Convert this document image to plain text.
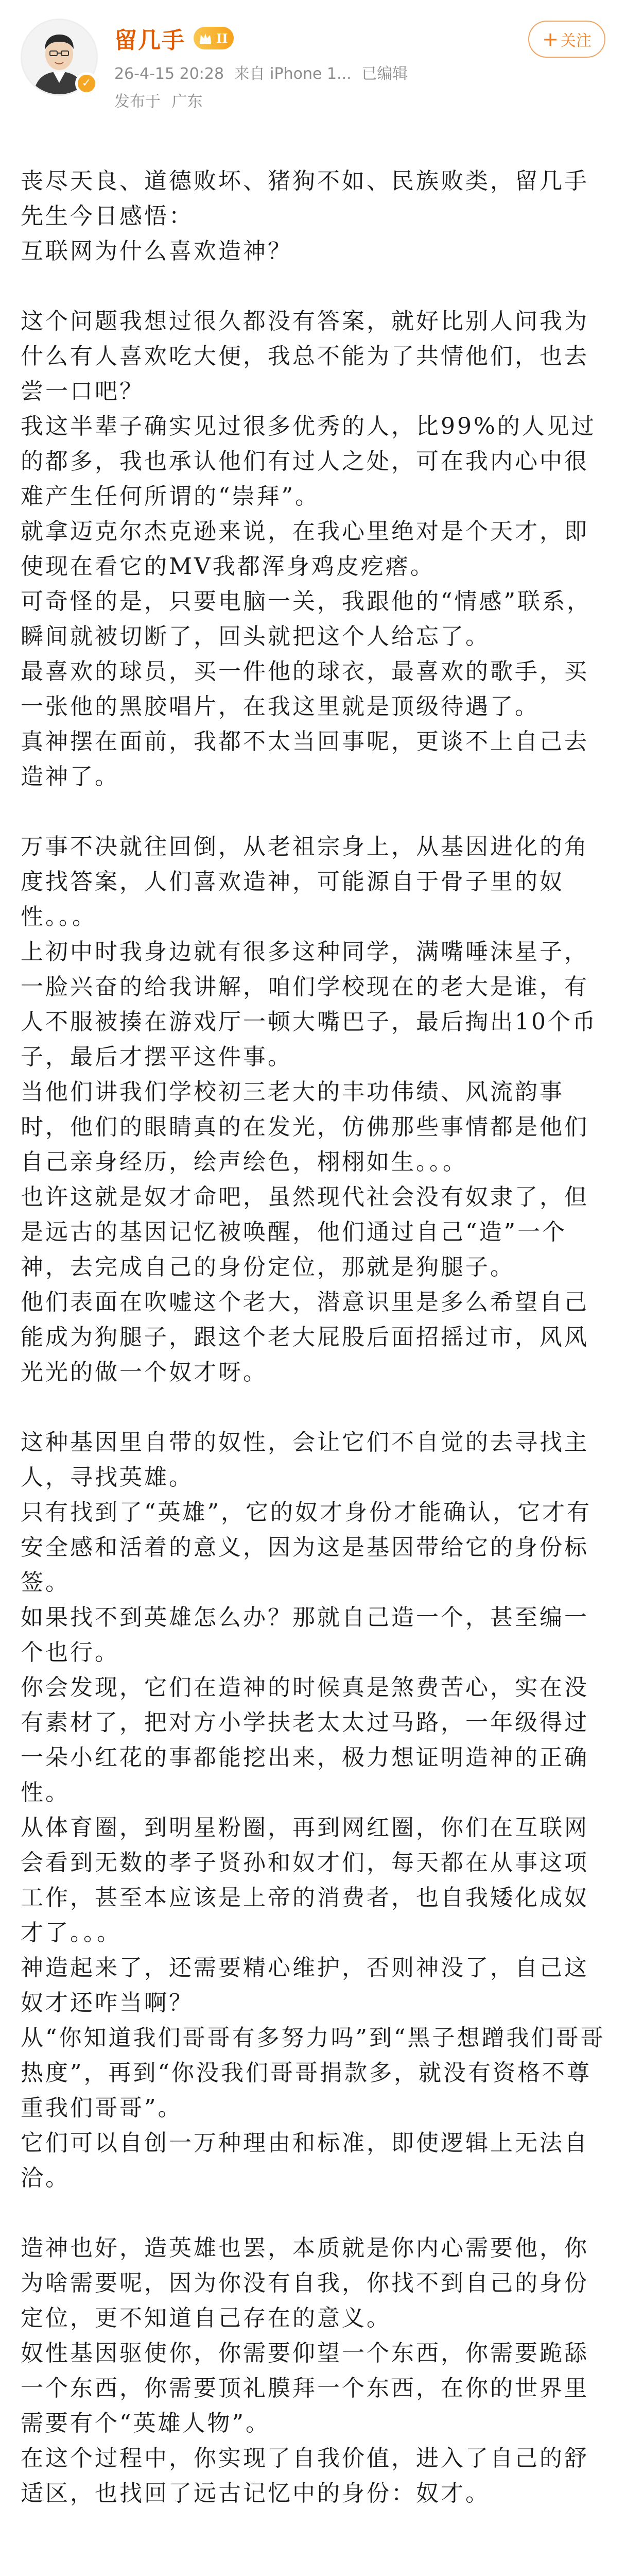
✓
留几手	II
26-4-15 20:28 来自 iPhone 1... 已编辑
发布于 广东
+ 关注

丧尽天良、道德败坏、猪狗不如、民族败类，留几手先生今日感悟：
互联网为什么喜欢造神？

这个问题我想过很久都没有答案，就好比别人问我为什么有人喜欢吃大便，我总不能为了共情他们，也去尝一口吧？
我这半辈子确实见过很多优秀的人，比99%的人见过的都多，我也承认他们有过人之处，可在我内心中很难产生任何所谓的“崇拜”。
就拿迈克尔杰克逊来说，在我心里绝对是个天才，即使现在看它的MV我都浑身鸡皮疙瘩。
可奇怪的是，只要电脑一关，我跟他的“情感”联系，瞬间就被切断了，回头就把这个人给忘了。
最喜欢的球员，买一件他的球衣，最喜欢的歌手，买一张他的黑胶唱片，在我这里就是顶级待遇了。
真神摆在面前，我都不太当回事呢，更谈不上自己去造神了。

万事不决就往回倒，从老祖宗身上，从基因进化的角度找答案，人们喜欢造神，可能源自于骨子里的奴性。。。
上初中时我身边就有很多这种同学，满嘴唾沫星子，一脸兴奋的给我讲解，咱们学校现在的老大是谁，有人不服被揍在游戏厅一顿大嘴巴子，最后掏出10个币子，最后才摆平这件事。
当他们讲我们学校初三老大的丰功伟绩、风流韵事时，他们的眼睛真的在发光，仿佛那些事情都是他们自己亲身经历，绘声绘色，栩栩如生。。。
也许这就是奴才命吧，虽然现代社会没有奴隶了，但是远古的基因记忆被唤醒，他们通过自己“造”一个神，去完成自己的身份定位，那就是狗腿子。
他们表面在吹嘘这个老大，潜意识里是多么希望自己能成为狗腿子，跟这个老大屁股后面招摇过市，风风光光的做一个奴才呀。

这种基因里自带的奴性，会让它们不自觉的去寻找主人，寻找英雄。
只有找到了“英雄”，它的奴才身份才能确认，它才有安全感和活着的意义，因为这是基因带给它的身份标签。
如果找不到英雄怎么办？那就自己造一个，甚至编一个也行。
你会发现，它们在造神的时候真是煞费苦心，实在没有素材了，把对方小学扶老太太过马路，一年级得过一朵小红花的事都能挖出来，极力想证明造神的正确性。
从体育圈，到明星粉圈，再到网红圈，你们在互联网会看到无数的孝子贤孙和奴才们，每天都在从事这项工作，甚至本应该是上帝的消费者，也自我矮化成奴才了。。。
神造起来了，还需要精心维护，否则神没了，自己这奴才还咋当啊？
从“你知道我们哥哥有多努力吗”到“黑子想蹭我们哥哥热度”，再到“你没我们哥哥捐款多，就没有资格不尊重我们哥哥”。
它们可以自创一万种理由和标准，即使逻辑上无法自洽。

造神也好，造英雄也罢，本质就是你内心需要他，你为啥需要呢，因为你没有自我，你找不到自己的身份定位，更不知道自己存在的意义。
奴性基因驱使你，你需要仰望一个东西，你需要跪舔一个东西，你需要顶礼膜拜一个东西，在你的世界里需要有个“英雄人物”。
在这个过程中，你实现了自我价值，进入了自己的舒适区，也找回了远古记忆中的身份：奴才。
